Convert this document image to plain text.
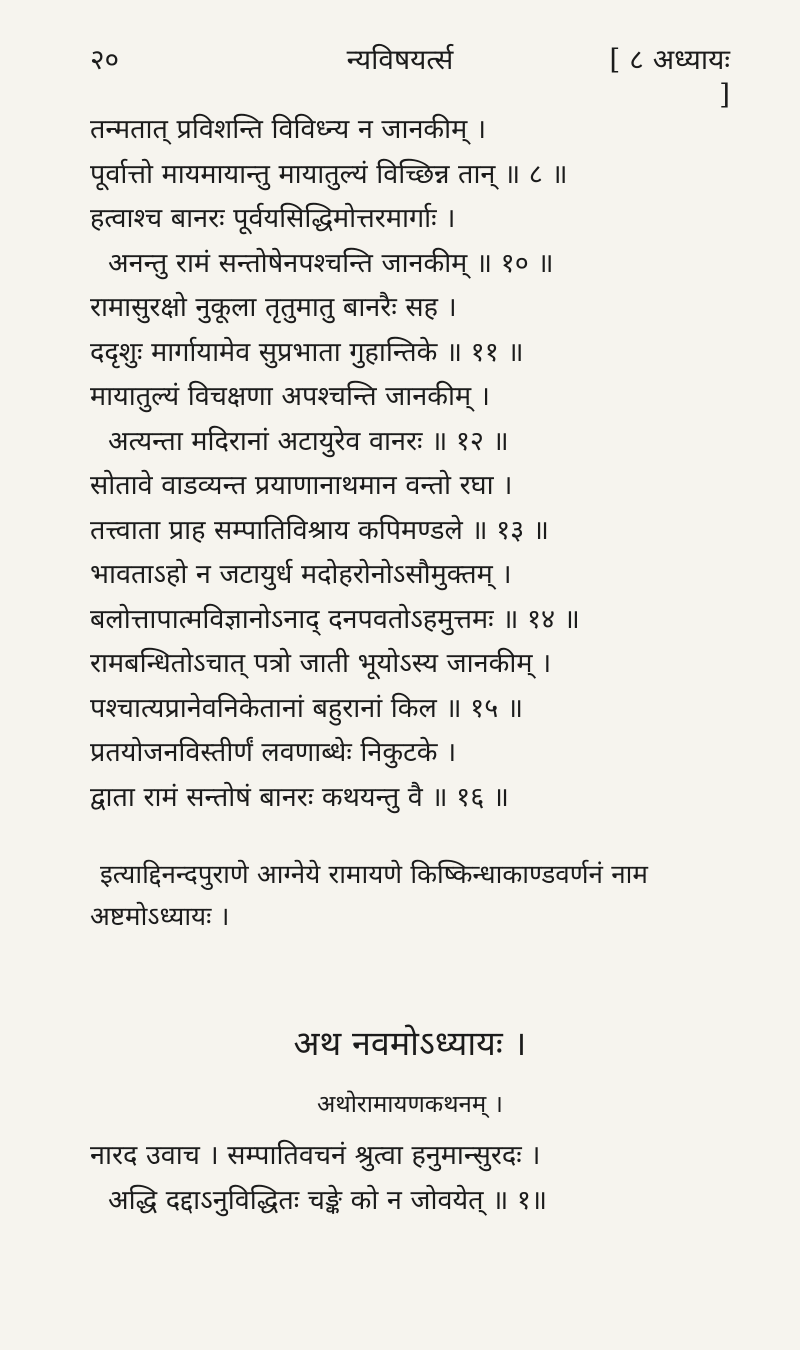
२०	न्यविषयर्त्स	[ ८ अध्यायः ]
तन्मतात् प्रविशन्ति विविध्न्य न जानकीम् ।
पूर्वात्तो मायमायान्तु मायातुल्यं विच्छिन्न तान् ॥ ८ ॥
हत्वाश्च बानरः पूर्वयसिद्धिमोत्तरमार्गाः ।
अनन्तु रामं सन्तोषेनपश्चन्ति जानकीम् ॥ १० ॥
रामासुरक्षो नुकूला तृतुमातु बानरैः सह ।
ददृशुः मार्गायामेव सुप्रभाता गुहान्तिके ॥ ११ ॥
मायातुल्यं विचक्षणा अपश्चन्ति जानकीम् ।
अत्यन्ता मदिरानां अटायुरेव वानरः ॥ १२ ॥
सोतावे वाडव्यन्त प्रयाणानाथमान वन्तो रघा ।
तत्त्वाता प्राह सम्पातिविश्राय कपिमण्डले ॥ १३ ॥
भावताऽहो न जटायुर्ध मदोहरोनोऽसौमुक्तम् ।
बलोत्तापात्मविज्ञानोऽनाद् दनपवतोऽहमुत्तमः ॥ १४ ॥
रामबन्धितोऽचात् पत्रो जाती भूयोऽस्य जानकीम् ।
पश्चात्यप्रानेवनिकेतानां बहुरानां किल ॥ १५ ॥
प्रतयोजनविस्तीर्णं लवणाब्धेः निकुटके ।
द्वाता रामं सन्तोषं बानरः कथयन्तु वै ॥ १६ ॥
इत्याद्दिनन्दपुराणे आग्नेये रामायणे किष्किन्धाकाण्डवर्णनं नाम अष्टमोऽध्यायः ।
अथ नवमोऽध्यायः ।
अथोरामायणकथनम् ।
नारद उवाच । सम्पातिवचनं श्रुत्वा हनुमान्सुरदः ।
अद्धि दद्दाऽनुविद्धितः चङ्के को न जोवयेत् ॥ १॥
